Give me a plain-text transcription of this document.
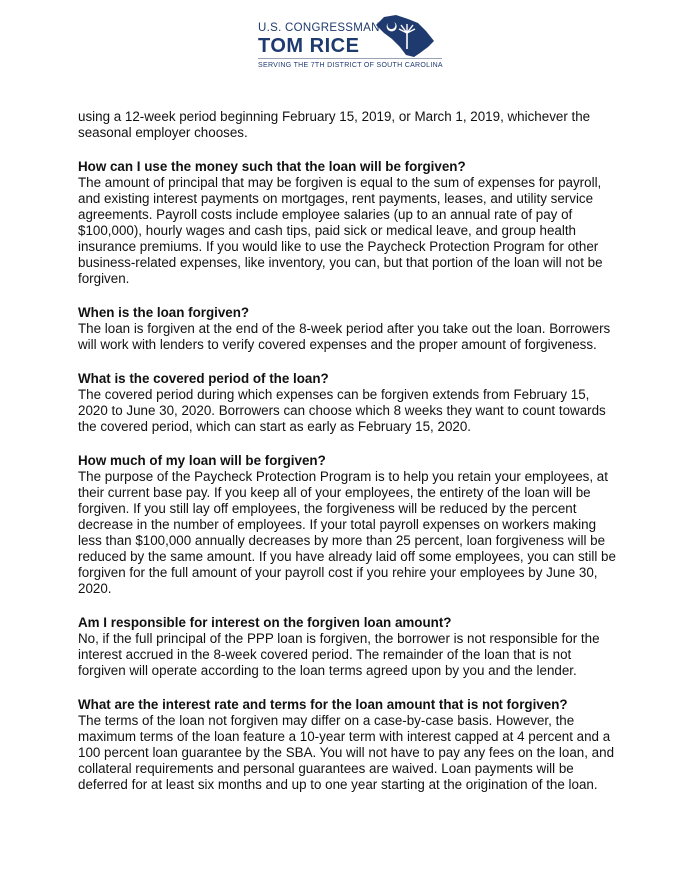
U.S. CONGRESSMAN
TOM RICE
SERVING THE 7TH DISTRICT OF SOUTH CAROLINA

using a 12-week period beginning February 15, 2019, or March 1, 2019, whichever the seasonal employer chooses.

How can I use the money such that the loan will be forgiven?

The amount of principal that may be forgiven is equal to the sum of expenses for payroll, and existing interest payments on mortgages, rent payments, leases, and utility service agreements. Payroll costs include employee salaries (up to an annual rate of pay of $100,000), hourly wages and cash tips, paid sick or medical leave, and group health insurance premiums. If you would like to use the Paycheck Protection Program for other business-related expenses, like inventory, you can, but that portion of the loan will not be forgiven.

When is the loan forgiven?

The loan is forgiven at the end of the 8-week period after you take out the loan. Borrowers will work with lenders to verify covered expenses and the proper amount of forgiveness.

What is the covered period of the loan?

The covered period during which expenses can be forgiven extends from February 15, 2020 to June 30, 2020. Borrowers can choose which 8 weeks they want to count towards the covered period, which can start as early as February 15, 2020.

How much of my loan will be forgiven?

The purpose of the Paycheck Protection Program is to help you retain your employees, at their current base pay. If you keep all of your employees, the entirety of the loan will be forgiven. If you still lay off employees, the forgiveness will be reduced by the percent decrease in the number of employees. If your total payroll expenses on workers making less than $100,000 annually decreases by more than 25 percent, loan forgiveness will be reduced by the same amount. If you have already laid off some employees, you can still be forgiven for the full amount of your payroll cost if you rehire your employees by June 30, 2020.

Am I responsible for interest on the forgiven loan amount?

No, if the full principal of the PPP loan is forgiven, the borrower is not responsible for the interest accrued in the 8-week covered period. The remainder of the loan that is not forgiven will operate according to the loan terms agreed upon by you and the lender.

What are the interest rate and terms for the loan amount that is not forgiven?

The terms of the loan not forgiven may differ on a case-by-case basis. However, the maximum terms of the loan feature a 10-year term with interest capped at 4 percent and a 100 percent loan guarantee by the SBA. You will not have to pay any fees on the loan, and collateral requirements and personal guarantees are waived. Loan payments will be deferred for at least six months and up to one year starting at the origination of the loan.
